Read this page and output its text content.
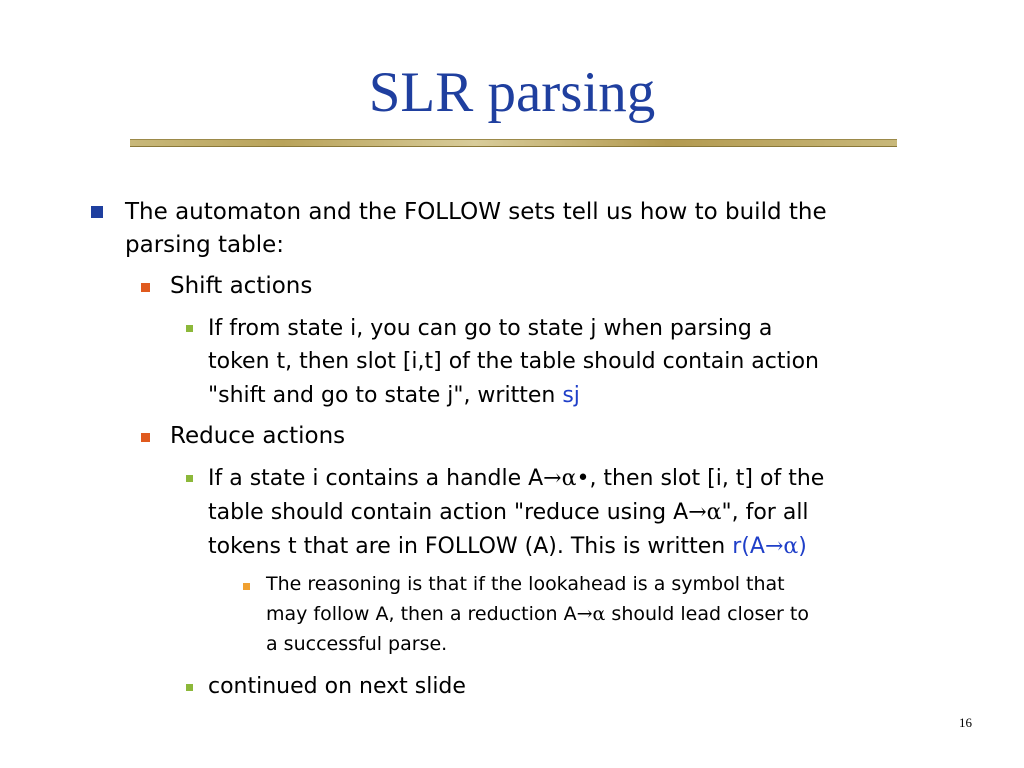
SLR parsing
The automaton and the FOLLOW sets tell us how to build the
parsing table:
Shift actions
If from state i, you can go to state j when parsing a
token t, then slot [i,t] of the table should contain action
"shift and go to state j", written sj
Reduce actions
If a state i contains a handle A→α•, then slot [i, t] of the
table should contain action "reduce using A→α", for all
tokens t that are in FOLLOW (A). This is written r(A→α)
The reasoning is that if the lookahead is a symbol that
may follow A, then a reduction A→α should lead closer to
a successful parse.
continued on next slide
16
